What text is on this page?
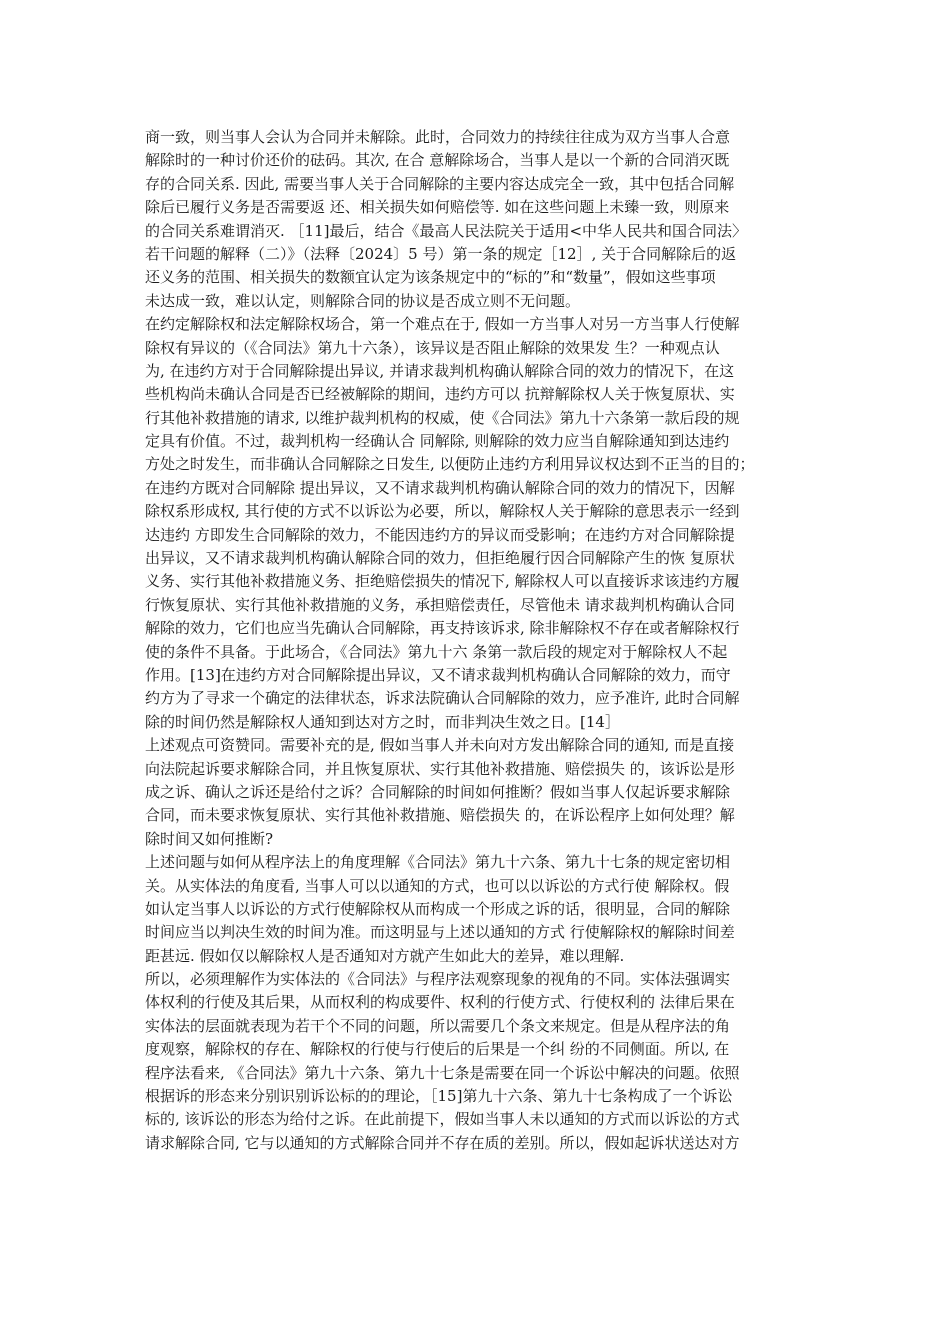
商一致，则当事人会认为合同并未解除。此时，合同效力的持续往往成为双方当事人合意
解除时的一种讨价还价的砝码。其次, 在合 意解除场合，当事人是以一个新的合同消灭既
存的合同关系. 因此, 需要当事人关于合同解除的主要内容达成完全一致，其中包括合同解
除后已履行义务是否需要返 还、相关损失如何赔偿等. 如在这些问题上未臻一致，则原来
的合同关系难谓消灭. ［11]最后，结合《最高人民法院关于适用<中华人民共和国合同法〉
若干问题的解释（二）》（法释〔2024〕5 号）第一条的规定［12］, 关于合同解除后的返
还义务的范围、相关损失的数额宜认定为该条规定中的“标的”和“数量”，假如这些事项
未达成一致，难以认定，则解除合同的协议是否成立则不无问题。
在约定解除权和法定解除权场合，第一个难点在于, 假如一方当事人对另一方当事人行使解
除权有异议的（《合同法》第九十六条），该异议是否阻止解除的效果发 生？一种观点认
为, 在违约方对于合同解除提出异议, 并请求裁判机构确认解除合同的效力的情况下，在这
些机构尚未确认合同是否已经被解除的期间，违约方可以 抗辩解除权人关于恢复原状、实
行其他补救措施的请求, 以维护裁判机构的权威，使《合同法》第九十六条第一款后段的规
定具有价值。不过，裁判机构一经确认合 同解除, 则解除的效力应当自解除通知到达违约
方处之时发生，而非确认合同解除之日发生, 以便防止违约方利用异议权达到不正当的目的；
在违约方既对合同解除 提出异议，又不请求裁判机构确认解除合同的效力的情况下，因解
除权系形成权, 其行使的方式不以诉讼为必要，所以，解除权人关于解除的意思表示一经到
达违约 方即发生合同解除的效力，不能因违约方的异议而受影响；在违约方对合同解除提
出异议，又不请求裁判机构确认解除合同的效力，但拒绝履行因合同解除产生的恢 复原状
义务、实行其他补救措施义务、拒绝赔偿损失的情况下, 解除权人可以直接诉求该违约方履
行恢复原状、实行其他补救措施的义务，承担赔偿责任，尽管他未 请求裁判机构确认合同
解除的效力，它们也应当先确认合同解除，再支持该诉求, 除非解除权不存在或者解除权行
使的条件不具备。于此场合，《合同法》第九十六 条第一款后段的规定对于解除权人不起
作用。[13]在违约方对合同解除提出异议，又不请求裁判机构确认合同解除的效力，而守
约方为了寻求一个确定的法律状态，诉求法院确认合同解除的效力，应予准许, 此时合同解
除的时间仍然是解除权人通知到达对方之时，而非判决生效之日。[14］
上述观点可资赞同。需要补充的是, 假如当事人并未向对方发出解除合同的通知, 而是直接
向法院起诉要求解除合同，并且恢复原状、实行其他补救措施、赔偿损失 的，该诉讼是形
成之诉、确认之诉还是给付之诉？合同解除的时间如何推断？假如当事人仅起诉要求解除
合同，而未要求恢复原状、实行其他补救措施、赔偿损失 的，在诉讼程序上如何处理？解
除时间又如何推断?
上述问题与如何从程序法上的角度理解《合同法》第九十六条、第九十七条的规定密切相
关。从实体法的角度看, 当事人可以以通知的方式，也可以以诉讼的方式行使 解除权。假
如认定当事人以诉讼的方式行使解除权从而构成一个形成之诉的话，很明显，合同的解除
时间应当以判决生效的时间为准。而这明显与上述以通知的方式 行使解除权的解除时间差
距甚远. 假如仅以解除权人是否通知对方就产生如此大的差异，难以理解.
所以，必须理解作为实体法的《合同法》与程序法观察现象的视角的不同。实体法强调实
体权利的行使及其后果，从而权利的构成要件、权利的行使方式、行使权利的 法律后果在
实体法的层面就表现为若干个不同的问题，所以需要几个条文来规定。但是从程序法的角
度观察，解除权的存在、解除权的行使与行使后的后果是一个纠 纷的不同侧面。所以, 在
程序法看来, 《合同法》第九十六条、第九十七条是需要在同一个诉讼中解决的问题。依照
根据诉的形态来分别识别诉讼标的的理论，［15]第九十六条、第九十七条构成了一个诉讼
标的, 该诉讼的形态为给付之诉。在此前提下，假如当事人未以通知的方式而以诉讼的方式
请求解除合同, 它与以通知的方式解除合同并不存在质的差别。所以，假如起诉状送达对方
